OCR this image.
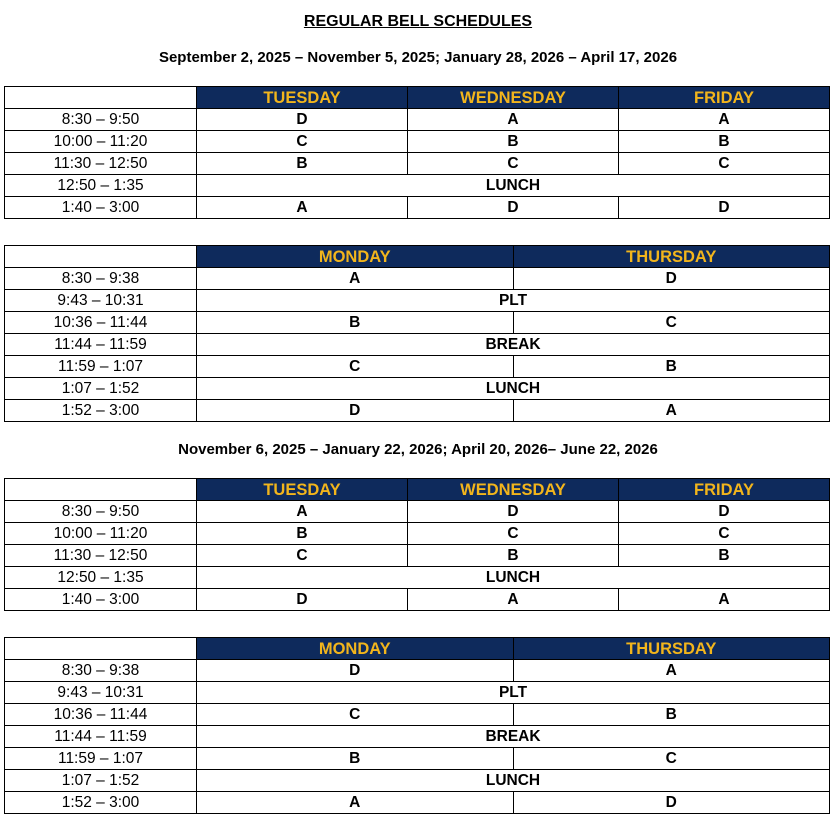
REGULAR BELL SCHEDULES
September 2, 2025 – November 5, 2025; January 28, 2026 – April 17, 2026
	TUESDAY	WEDNESDAY	FRIDAY
8:30 – 9:50	D	A	A
10:00 – 11:20	C	B	B
11:30 – 12:50	B	C	C
12:50 – 1:35	LUNCH		
1:40 – 3:00	A	D	D
	MONDAY	THURSDAY
8:30 – 9:38	A	D
9:43 – 10:31	PLT	
10:36 – 11:44	B	C
11:44 – 11:59	BREAK	
11:59 – 1:07	C	B
1:07 – 1:52	LUNCH	
1:52 – 3:00	D	A
November 6, 2025 – January 22, 2026; April 20, 2026– June 22, 2026
	TUESDAY	WEDNESDAY	FRIDAY
8:30 – 9:50	A	D	D
10:00 – 11:20	B	C	C
11:30 – 12:50	C	B	B
12:50 – 1:35	LUNCH		
1:40 – 3:00	D	A	A
	MONDAY	THURSDAY
8:30 – 9:38	D	A
9:43 – 10:31	PLT	
10:36 – 11:44	C	B
11:44 – 11:59	BREAK	
11:59 – 1:07	B	C
1:07 – 1:52	LUNCH	
1:52 – 3:00	A	D
